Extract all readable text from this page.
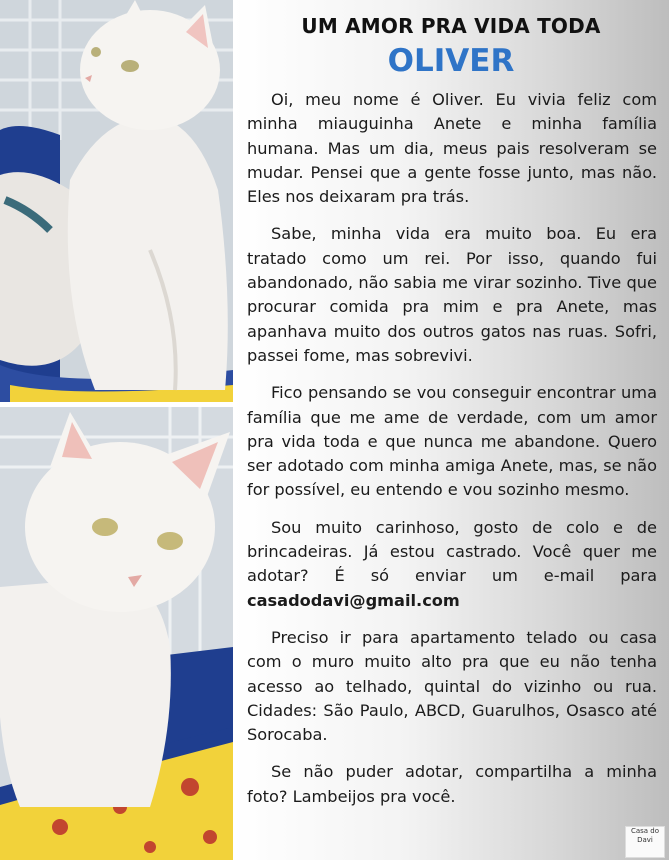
UM AMOR PRA VIDA TODA
OLIVER

Oi, meu nome é Oliver. Eu vivia feliz com minha miauguinha Anete e minha família humana. Mas um dia, meus pais resolveram se mudar. Pensei que a gente fosse junto, mas não. Eles nos deixaram pra trás.

Sabe, minha vida era muito boa. Eu era tratado como um rei. Por isso, quando fui abandonado, não sabia me virar sozinho. Tive que procurar comida pra mim e pra Anete, mas apanhava muito dos outros gatos nas ruas. Sofri, passei fome, mas sobrevivi.

Fico pensando se vou conseguir encontrar uma família que me ame de verdade, com um amor pra vida toda e que nunca me abandone. Quero ser adotado com minha amiga Anete, mas, se não for possível, eu entendo e vou sozinho mesmo.

Sou muito carinhoso, gosto de colo e de brincadeiras. Já estou castrado. Você quer me adotar? É só enviar um e-mail para casadodavi@gmail.com

Preciso ir para apartamento telado ou casa com o muro muito alto pra que eu não tenha acesso ao telhado, quintal do vizinho ou rua. Cidades: São Paulo, ABCD, Guarulhos, Osasco até Sorocaba.

Se não puder adotar, compartilha a minha foto? Lambeijos pra você.

Casa do Davi
